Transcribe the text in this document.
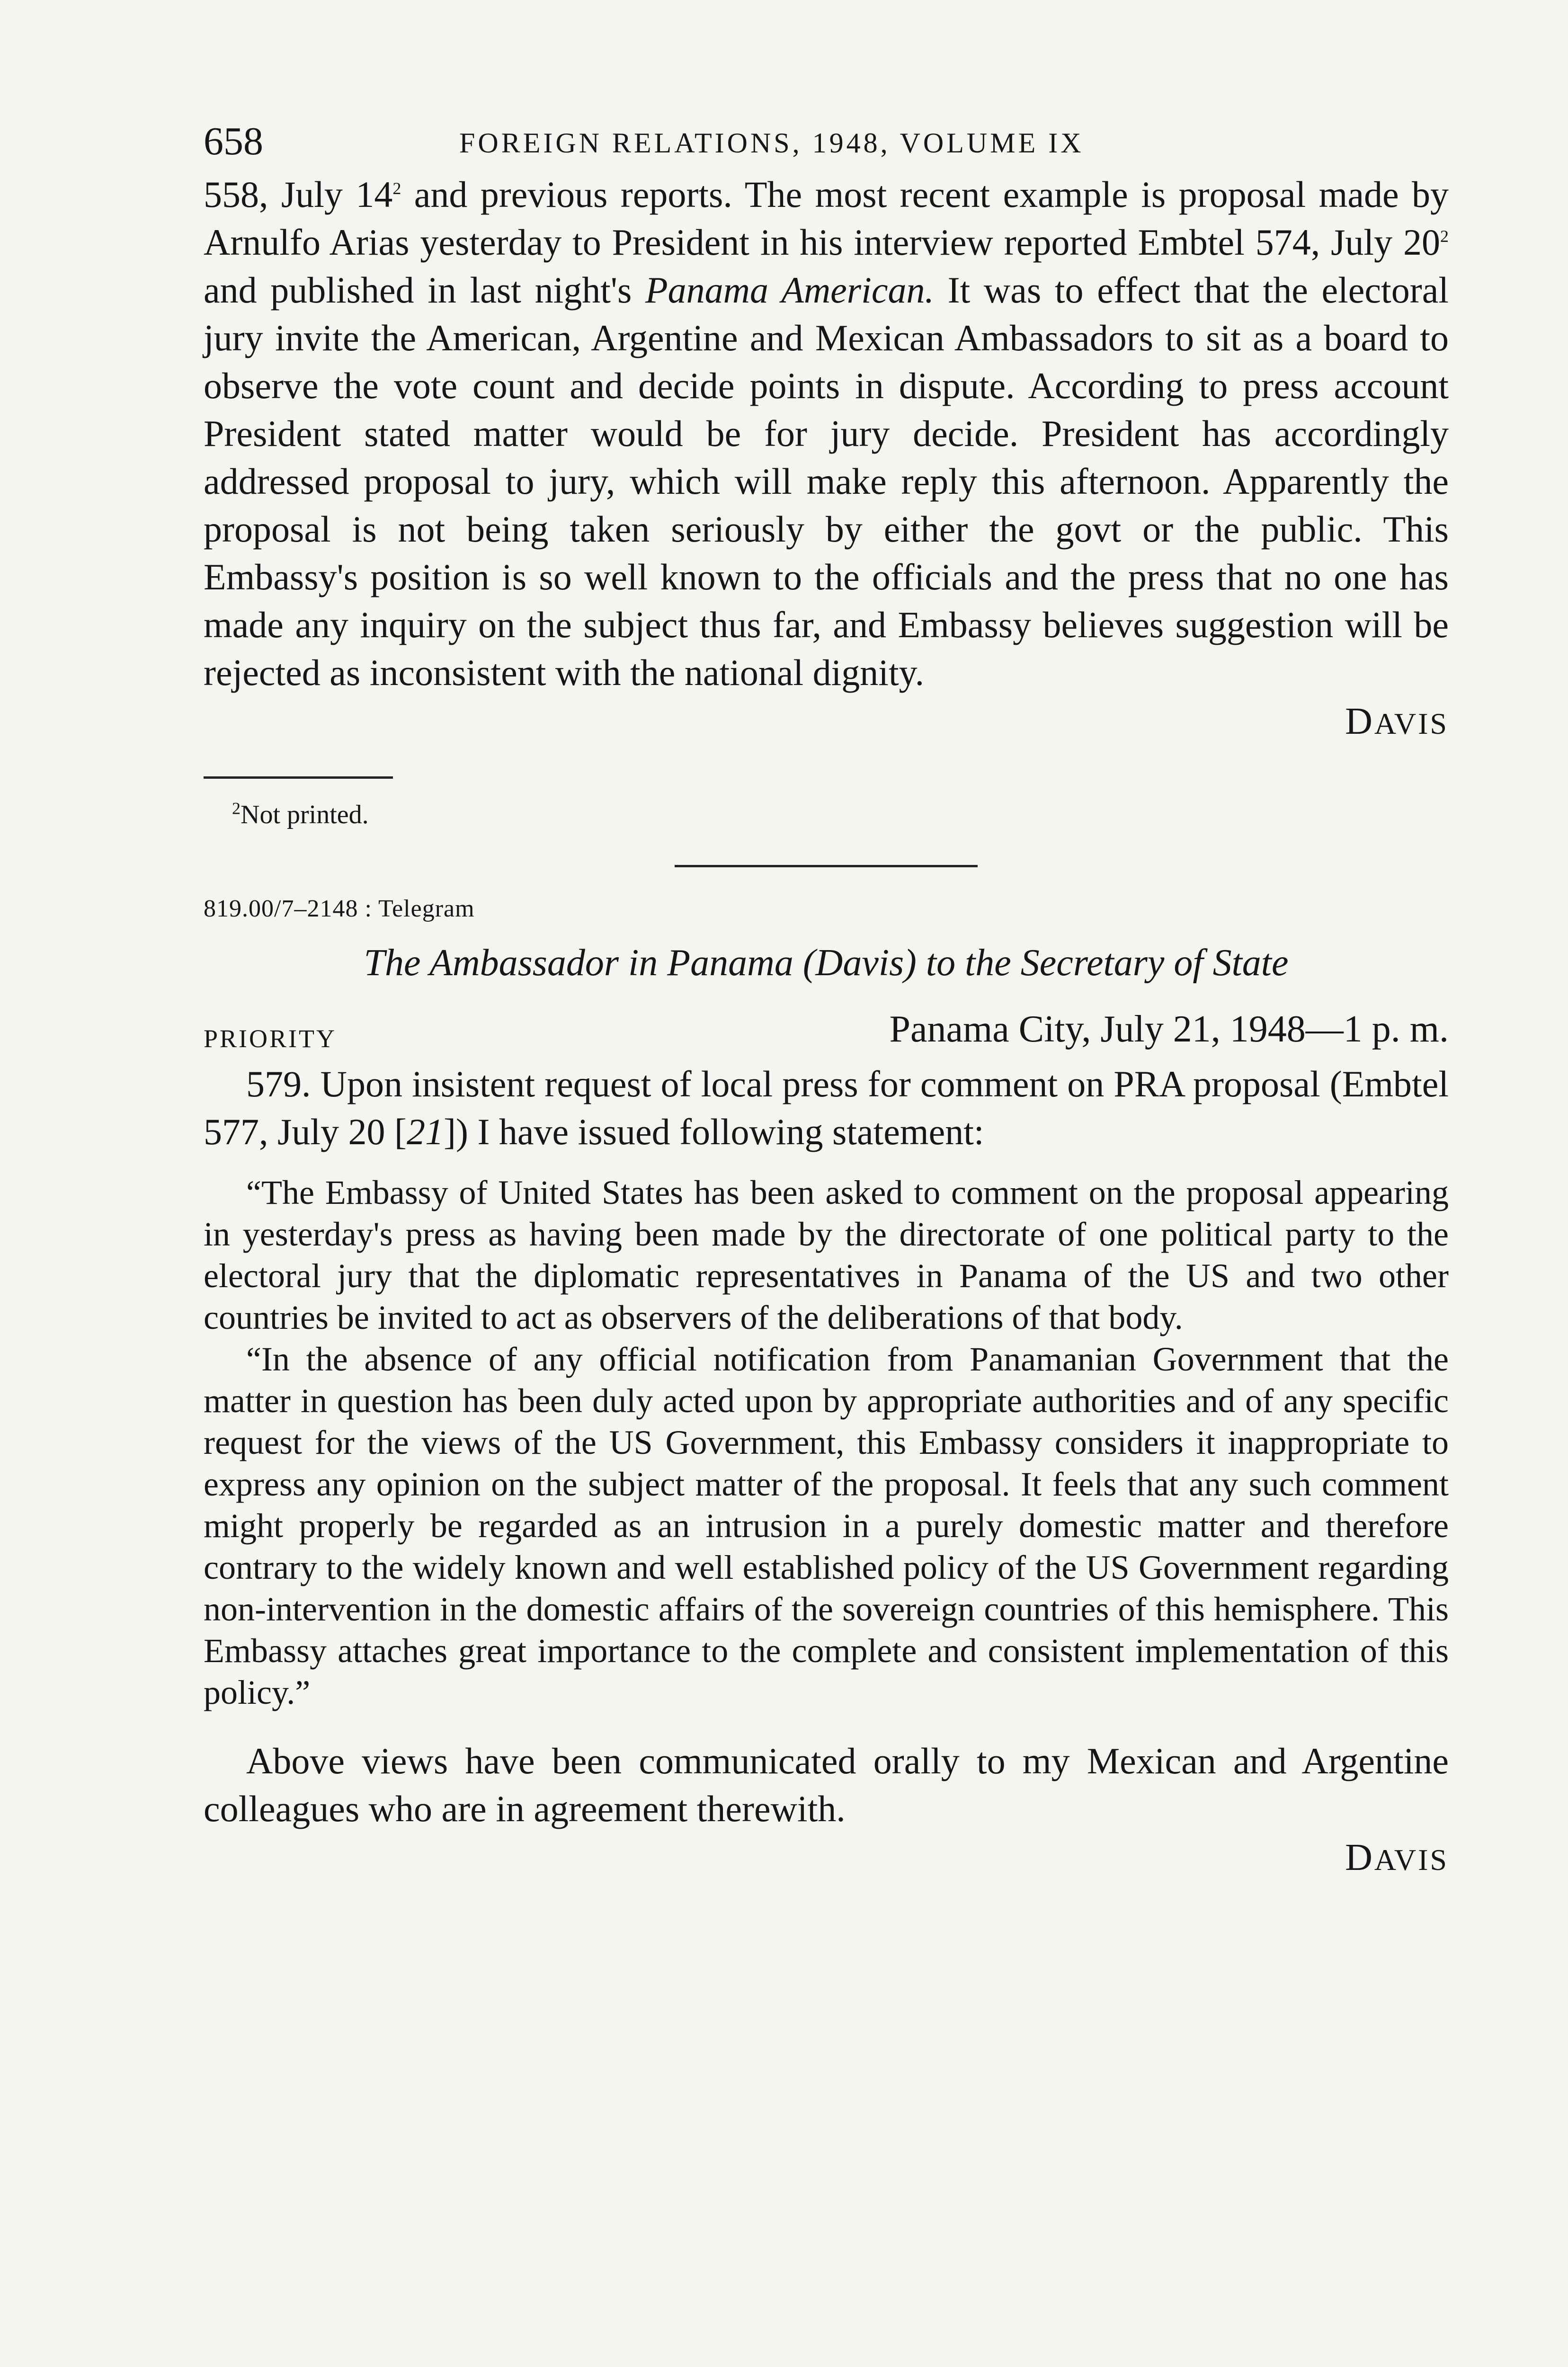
658	FOREIGN RELATIONS, 1948, VOLUME IX

558, July $14^2$ and previous reports. The most recent example is proposal made by Arnulfo Arias yesterday to President in his interview reported Embtel 574, July $20^2$ and published in last night's Panama American. It was to effect that the electoral jury invite the American, Argentine and Mexican Ambassadors to sit as a board to observe the vote count and decide points in dispute. According to press account President stated matter would be for jury decide. President has accordingly addressed proposal to jury, which will make reply this afternoon. Apparently the proposal is not being taken seriously by either the govt or the public. This Embassy's position is so well known to the officials and the press that no one has made any inquiry on the subject thus far, and Embassy believes suggestion will be rejected as inconsistent with the national dignity.

DAVIS
$^2$Not printed.

819.00/7–2148 : Telegram

The Ambassador in Panama (Davis) to the Secretary of State

PRIORITY	Panama City, July 21, 1948—1 p. m.

579. Upon insistent request of local press for comment on PRA proposal (Embtel 577, July 20 [21]) I have issued following statement:

“The Embassy of United States has been asked to comment on the proposal appearing in yesterday's press as having been made by the directorate of one political party to the electoral jury that the diplomatic representatives in Panama of the US and two other countries be invited to act as observers of the deliberations of that body.

“In the absence of any official notification from Panamanian Government that the matter in question has been duly acted upon by appropriate authorities and of any specific request for the views of the US Government, this Embassy considers it inappropriate to express any opinion on the subject matter of the proposal. It feels that any such comment might properly be regarded as an intrusion in a purely domestic matter and therefore contrary to the widely known and well established policy of the US Government regarding non-intervention in the domestic affairs of the sovereign countries of this hemisphere. This Embassy attaches great importance to the complete and consistent implementation of this policy.”

Above views have been communicated orally to my Mexican and Argentine colleagues who are in agreement therewith.

DAVIS
